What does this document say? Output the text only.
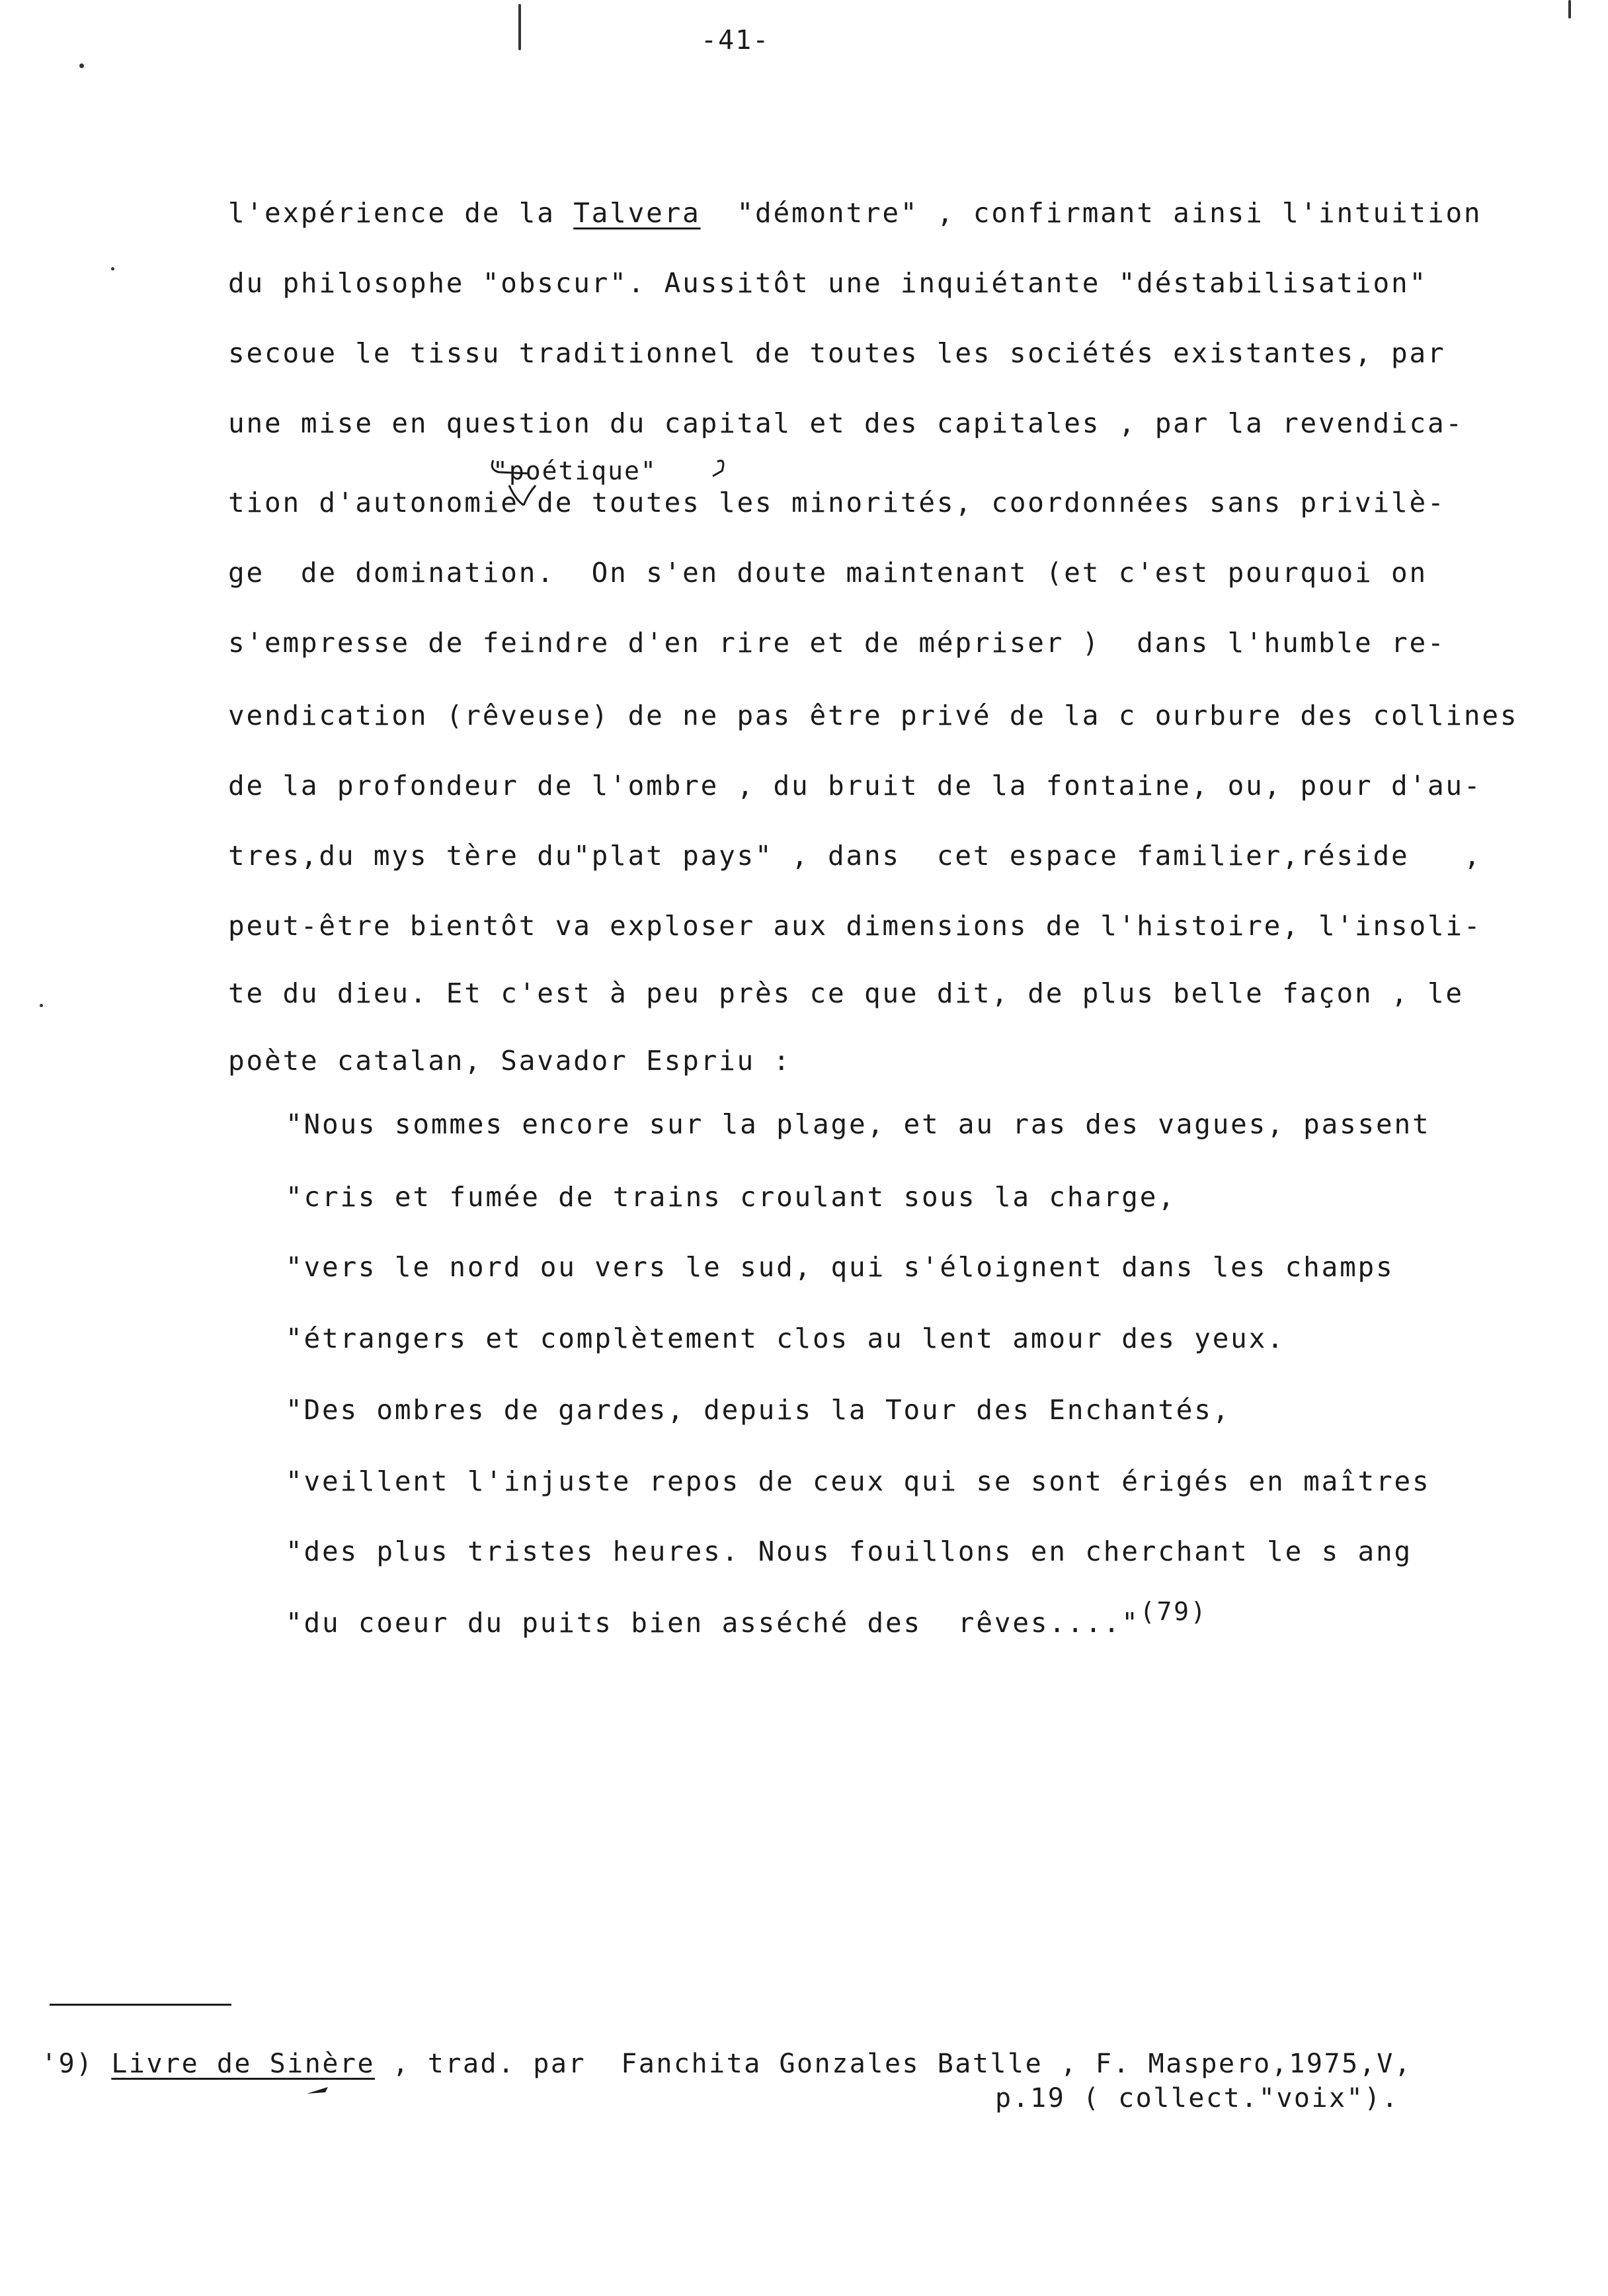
-41-
"poétique"
l'expérience de la Talvera  "démontre" , confirmant ainsi l'intuition
du philosophe "obscur". Aussitôt une inquiétante "déstabilisation"
secoue le tissu traditionnel de toutes les sociétés existantes, par
une mise en question du capital et des capitales , par la revendica-
tion d'autonomie de toutes les minorités, coordonnées sans privilè-
ge  de domination.  On s'en doute maintenant (et c'est pourquoi on
s'empresse de feindre d'en rire et de mépriser )  dans l'humble re-
vendication (rêveuse) de ne pas être privé de la c ourbure des collines
de la profondeur de l'ombre , du bruit de la fontaine, ou, pour d'au-
tres,du mys tère du"plat pays" , dans  cet espace familier,réside   ,
peut-être bientôt va exploser aux dimensions de l'histoire, l'insoli-
te du dieu. Et c'est à peu près ce que dit, de plus belle façon , le
poète catalan, Savador Espriu :
"Nous sommes encore sur la plage, et au ras des vagues, passent
"cris et fumée de trains croulant sous la charge,
"vers le nord ou vers le sud, qui s'éloignent dans les champs
"étrangers et complètement clos au lent amour des yeux.
"Des ombres de gardes, depuis la Tour des Enchantés,
"veillent l'injuste repos de ceux qui se sont érigés en maîtres
"des plus tristes heures. Nous fouillons en cherchant le s ang
"du coeur du puits bien asséché des  rêves...."(79)
'9) Livre de Sinère , trad. par  Fanchita Gonzales Batlle , F. Maspero,1975,V,
p.19 ( collect."voix").
